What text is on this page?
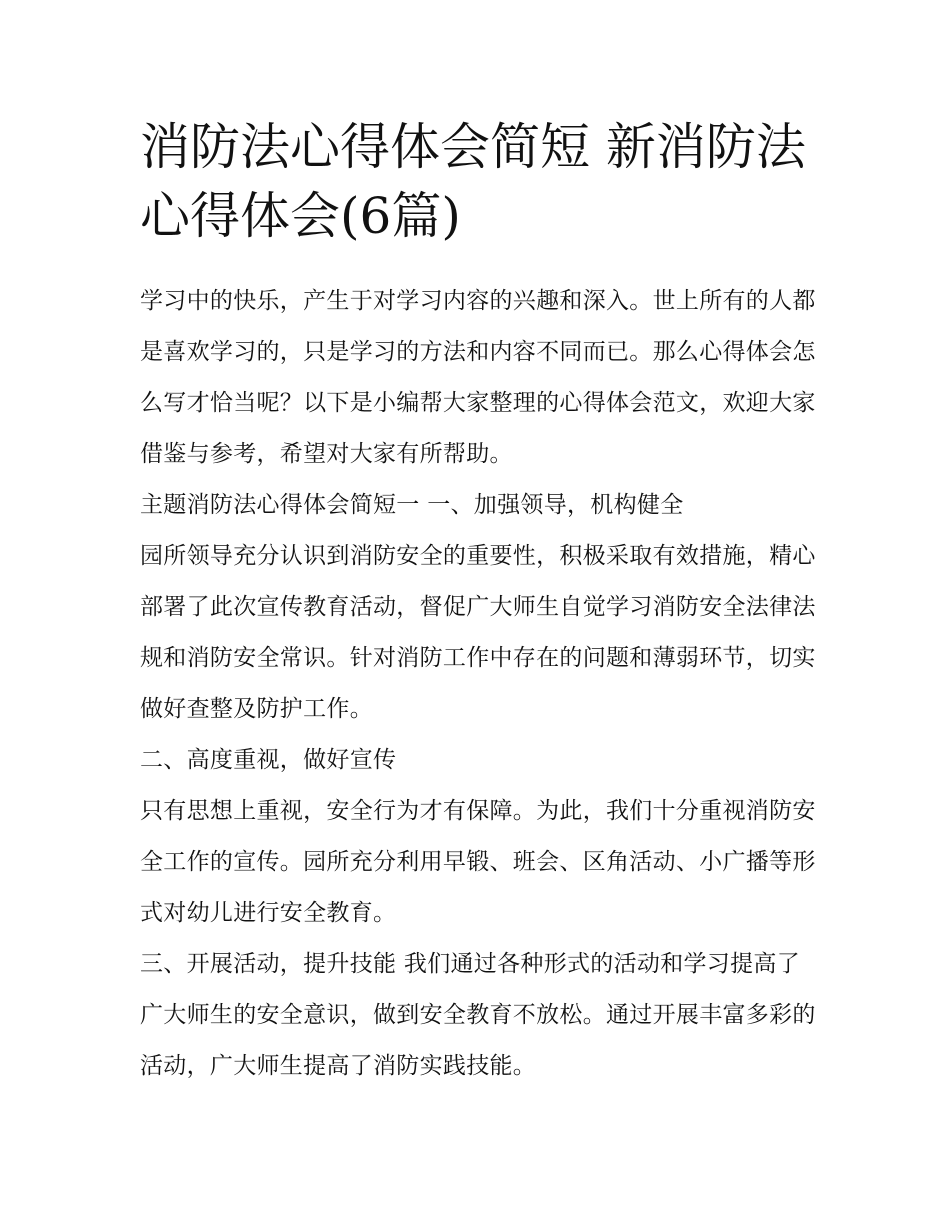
消防法心得体会简短 新消防法心得体会(6篇)

学习中的快乐，产生于对学习内容的兴趣和深入。世上所有的人都是喜欢学习的，只是学习的方法和内容不同而已。那么心得体会怎么写才恰当呢？以下是小编帮大家整理的心得体会范文，欢迎大家借鉴与参考，希望对大家有所帮助。

主题消防法心得体会简短一 一、加强领导，机构健全

园所领导充分认识到消防安全的重要性，积极采取有效措施，精心部署了此次宣传教育活动，督促广大师生自觉学习消防安全法律法规和消防安全常识。针对消防工作中存在的问题和薄弱环节，切实做好查整及防护工作。

二、高度重视，做好宣传

只有思想上重视，安全行为才有保障。为此，我们十分重视消防安全工作的宣传。园所充分利用早锻、班会、区角活动、小广播等形式对幼儿进行安全教育。

三、开展活动，提升技能 我们通过各种形式的活动和学习提高了广大师生的安全意识，做到安全教育不放松。通过开展丰富多彩的活动，广大师生提高了消防实践技能。
